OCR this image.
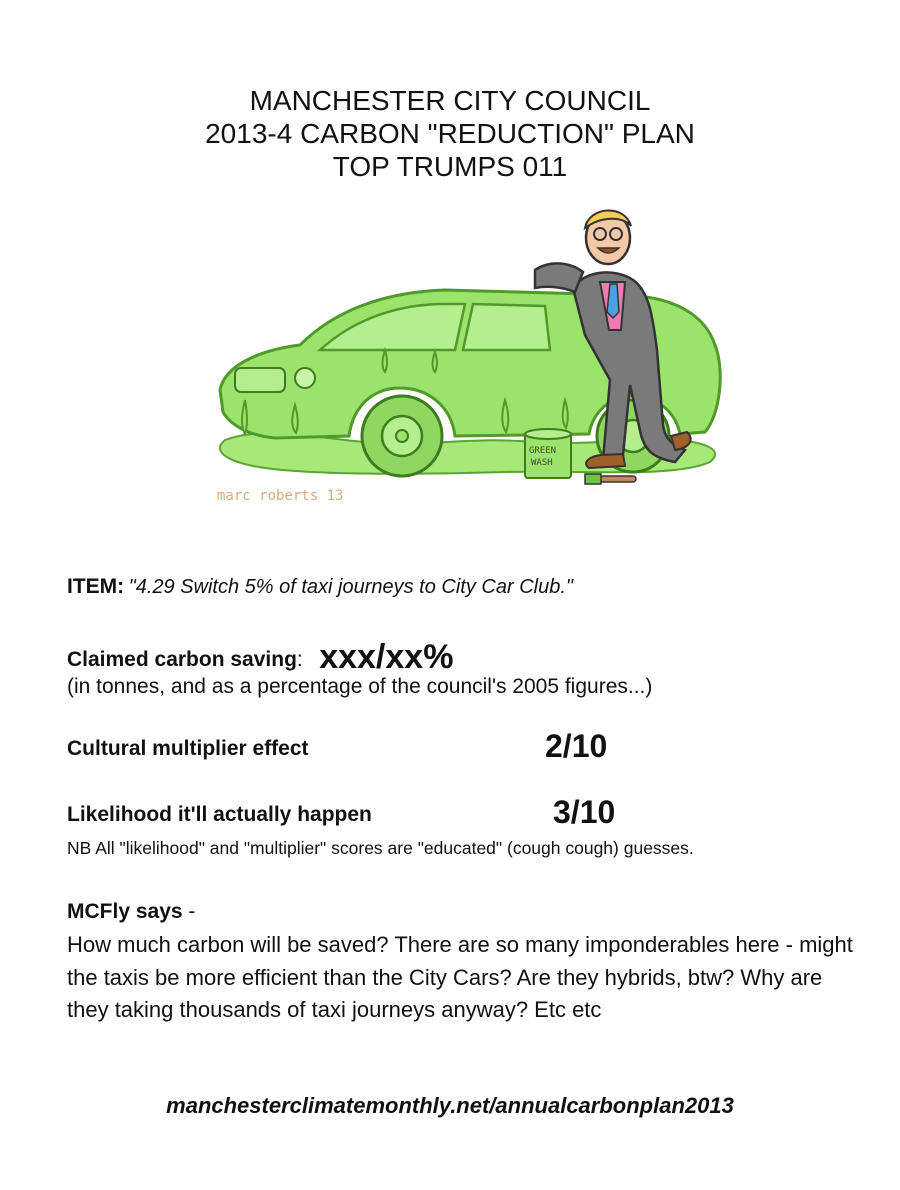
MANCHESTER CITY COUNCIL
2013-4 CARBON "REDUCTION" PLAN
TOP TRUMPS 011
GREEN
WASH
marc roberts 13
ITEM: "4.29 Switch 5% of taxi journeys to City Car Club."
Claimed carbon saving: xxx/xx%
(in tonnes, and as a percentage of the council's 2005 figures...)
Cultural multiplier effect	2/10
Likelihood it'll actually happen	3/10
NB All "likelihood" and "multiplier" scores are "educated" (cough cough) guesses.
MCFly says -
How much carbon will be saved? There are so many imponderables here - might the taxis be more efficient than the City Cars? Are they hybrids, btw? Why are they taking thousands of taxi journeys anyway? Etc etc
manchesterclimatemonthly.net/annualcarbonplan2013
